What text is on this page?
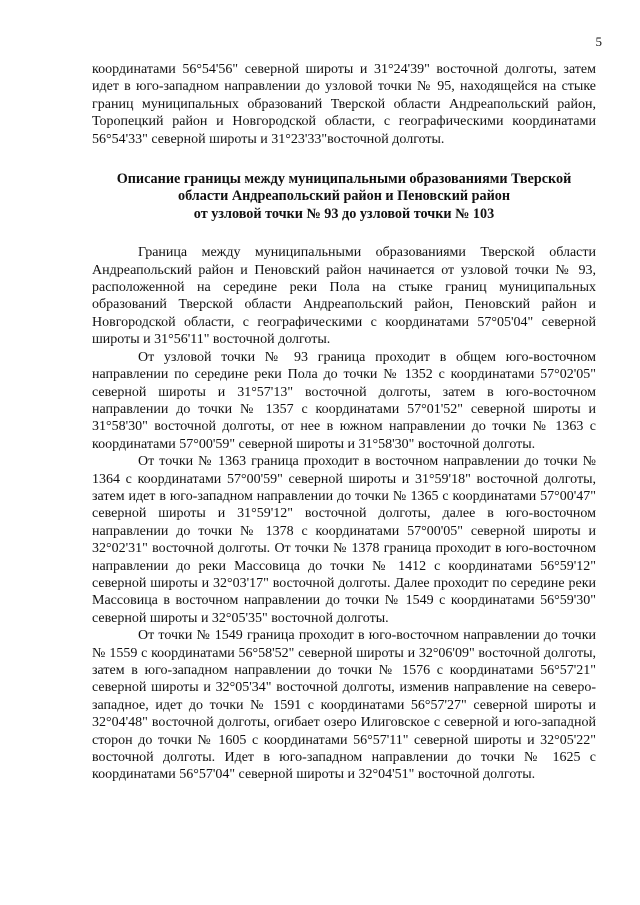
5

координатами 56°54'56" северной широты и 31°24'39" восточной долготы, затем идет в юго-западном направлении до узловой точки № 95, находящейся на стыке границ муниципальных образований Тверской области Андреапольский район, Торопецкий район и Новгородской области, с географическими координатами 56°54'33" северной широты и 31°23'33"восточной долготы.

Описание границы между муниципальными образованиями Тверской
области Андреапольский район и Пеновский район
от узловой точки № 93 до узловой точки № 103

Граница между муниципальными образованиями Тверской области Андреапольский район и Пеновский район начинается от узловой точки № 93, расположенной на середине реки Пола на стыке границ муниципальных образований Тверской области Андреапольский район, Пеновский район и Новгородской области, с географическими с координатами 57°05'04" северной широты и 31°56'11" восточной долготы.

От узловой точки № 93 граница проходит в общем юго-восточном направлении по середине реки Пола до точки № 1352 с координатами 57°02'05" северной широты и 31°57'13" восточной долготы, затем в юго-восточном направлении до точки № 1357 с координатами 57°01'52" северной широты и 31°58'30" восточной долготы, от нее в южном направлении до точки № 1363 с координатами 57°00'59" северной широты и 31°58'30" восточной долготы.

От точки № 1363 граница проходит в восточном направлении до точки № 1364 с координатами 57°00'59" северной широты и 31°59'18" восточной долготы, затем идет в юго-западном направлении до точки № 1365 с координатами 57°00'47" северной широты и 31°59'12" восточной долготы, далее в юго-восточном направлении до точки № 1378 с координатами 57°00'05" северной широты и 32°02'31" восточной долготы. От точки № 1378 граница проходит в юго-восточном направлении до реки Массовица до точки № 1412 с координатами 56°59'12" северной широты и 32°03'17" восточной долготы. Далее проходит по середине реки Массовица в восточном направлении до точки № 1549 с координатами 56°59'30" северной широты и 32°05'35" восточной долготы.

От точки № 1549 граница проходит в юго-восточном направлении до точки № 1559 с координатами 56°58'52" северной широты и 32°06'09" восточной долготы, затем в юго-западном направлении до точки № 1576 с координатами 56°57'21" северной широты и 32°05'34" восточной долготы, изменив направление на северо-западное, идет до точки № 1591 с координатами 56°57'27" северной широты и 32°04'48" восточной долготы, огибает озеро Илиговское с северной и юго-западной сторон до точки № 1605 с координатами 56°57'11" северной широты и 32°05'22" восточной долготы. Идет в юго-западном направлении до точки № 1625 с координатами 56°57'04" северной широты и 32°04'51" восточной долготы.
